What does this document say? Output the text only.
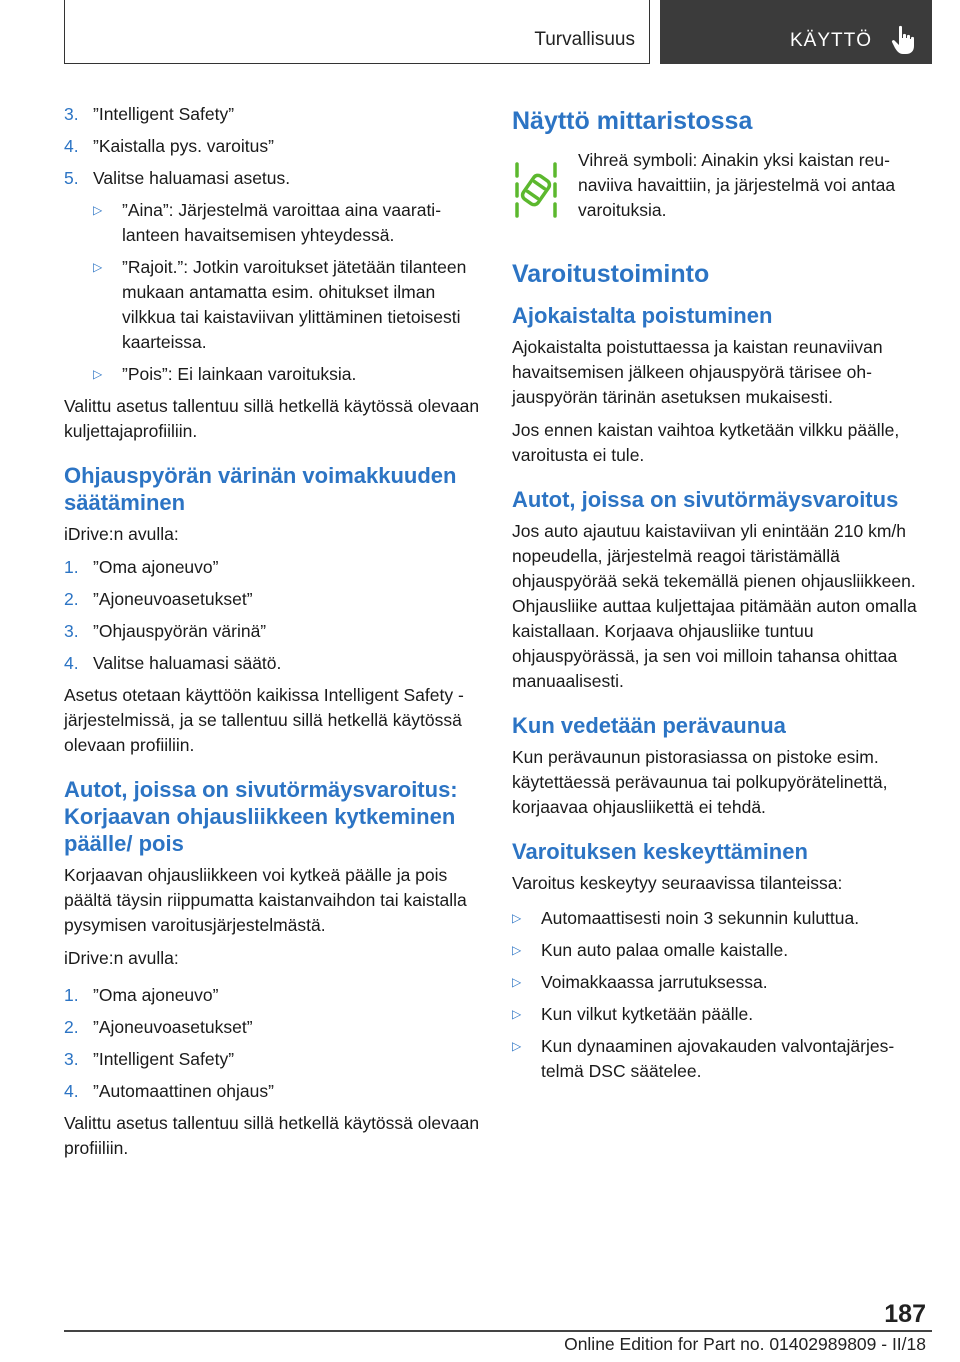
Turvallisuus	KÄYTTÖ
3. ”Intelligent Safety”
4. ”Kaistalla pys. varoitus”
5. Valitse haluamasi asetus.
▷	”Aina”: Järjestelmä varoittaa aina vaaratilanteen havaitsemisen yhteydessä.
▷	”Rajoit.”: Jotkin varoitukset jätetään tilanteen mukaan antamatta esim. ohitukset ilman vilkkua tai kaistaviivan ylittäminen tietoisesti kaarteissa.
▷	”Pois”: Ei lainkaan varoituksia.

Valittu asetus tallentuu sillä hetkellä käytössä olevaan kuljettajaprofiiliin.

Ohjauspyörän värinän voimakkuuden säätäminen

iDrive:n avulla:

1. ”Oma ajoneuvo”
2. ”Ajoneuvoasetukset”
3. ”Ohjauspyörän värinä”
4. Valitse haluamasi säätö.

Asetus otetaan käyttöön kaikissa Intelligent Safety -järjestelmissä, ja se tallentuu sillä hetkellä käytössä olevaan profiiliin.

Autot, joissa on sivutörmäysvaroitus: Korjaavan ohjausliikkeen kytkeminen päälle/ pois

Korjaavan ohjausliikkeen voi kytkeä päälle ja pois päältä täysin riippumatta kaistanvaihdon tai kaistalla pysymisen varoitusjärjestelmästä.

iDrive:n avulla:

1. ”Oma ajoneuvo”
2. ”Ajoneuvoasetukset”
3. ”Intelligent Safety”
4. ”Automaattinen ohjaus”

Valittu asetus tallentuu sillä hetkellä käytössä olevaan profiiliin.

Näyttö mittaristossa

Vihreä symboli: Ainakin yksi kaistan reunaviiva havaittiin, ja järjestelmä voi antaa varoituksia.

Varoitustoiminto
Ajokaistalta poistuminen

Ajokaistalta poistuttaessa ja kaistan reunaviivan havaitsemisen jälkeen ohjauspyörä tärisee ohjauspyörän tärinän asetuksen mukaisesti.

Jos ennen kaistan vaihtoa kytketään vilkku päälle, varoitusta ei tule.

Autot, joissa on sivutörmäysvaroitus

Jos auto ajautuu kaistaviivan yli enintään 210 km/h nopeudella, järjestelmä reagoi täristämällä ohjauspyörää sekä tekemällä pienen ohjausliikkeen. Ohjausliike auttaa kuljettajaa pitämään auton omalla kaistallaan. Korjaava ohjausliike tuntuu ohjauspyörässä, ja sen voi milloin tahansa ohittaa manuaalisesti.

Kun vedetään perävaunua

Kun perävaunun pistorasiassa on pistoke esim. käytettäessä perävaunua tai polkupyörätelinettä, korjaavaa ohjausliikettä ei tehdä.

Varoituksen keskeyttäminen

Varoitus keskeytyy seuraavissa tilanteissa:

▷	Automaattisesti noin 3 sekunnin kuluttua.
▷	Kun auto palaa omalle kaistalle.
▷	Voimakkaassa jarrutuksessa.
▷	Kun vilkut kytketään päälle.
▷	Kun dynaaminen ajovakauden valvontajärjestelmä DSC säätelee.
187
Online Edition for Part no. 01402989809 - II/18
